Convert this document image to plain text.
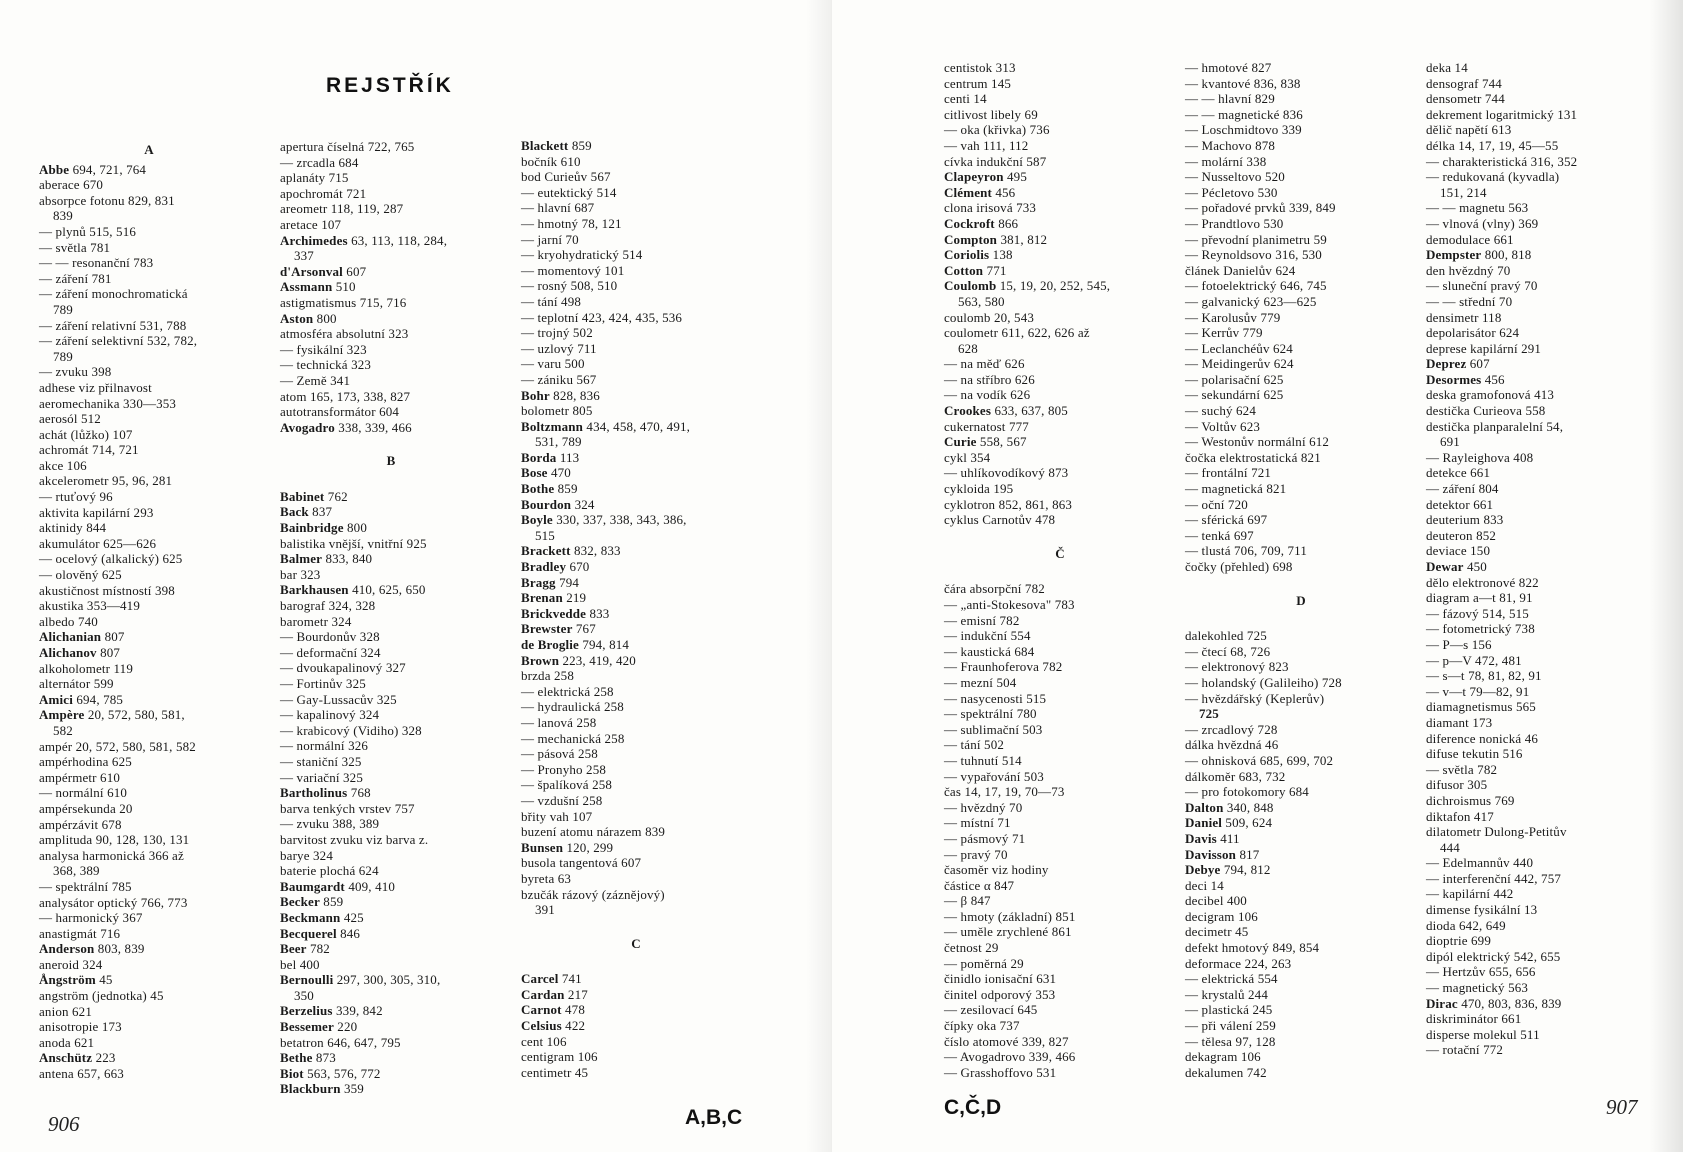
REJSTŘÍK
A
Abbe 694, 721, 764
aberace 670
absorpce fotonu 829, 831
839
— plynů 515, 516
— světla 781
— — resonanční 783
— záření 781
— záření monochromatická
789
— záření relativní 531, 788
— záření selektivní 532, 782,
789
— zvuku 398
adhese viz přilnavost
aeromechanika 330—353
aerosól 512
achát (lůžko) 107
achromát 714, 721
akce 106
akcelerometr 95, 96, 281
— rtuťový 96
aktivita kapilární 293
aktinidy 844
akumulátor 625—626
— ocelový (alkalický) 625
— olověný 625
akustičnost místností 398
akustika 353—419
albedo 740
Alichanian 807
Alichanov 807
alkoholometr 119
alternátor 599
Amici 694, 785
Ampère 20, 572, 580, 581,
582
ampér 20, 572, 580, 581, 582
ampérhodina 625
ampérmetr 610
— normální 610
ampérsekunda 20
ampérzávit 678
amplituda 90, 128, 130, 131
analysa harmonická 366 až
368, 389
— spektrální 785
analysátor optický 766, 773
— harmonický 367
anastigmát 716
Anderson 803, 839
aneroid 324
Ångström 45
angström (jednotka) 45
anion 621
anisotropie 173
anoda 621
Anschütz 223
antena 657, 663
apertura číselná 722, 765
— zrcadla 684
aplanáty 715
apochromát 721
areometr 118, 119, 287
aretace 107
Archimedes 63, 113, 118, 284,
337
d'Arsonval 607
Assmann 510
astigmatismus 715, 716
Aston 800
atmosféra absolutní 323
— fysikální 323
— technická 323
— Země 341
atom 165, 173, 338, 827
autotransformátor 604
Avogadro 338, 339, 466
B
Babinet 762
Back 837
Bainbridge 800
balistika vnější, vnitřní 925
Balmer 833, 840
bar 323
Barkhausen 410, 625, 650
barograf 324, 328
barometr 324
— Bourdonův 328
— deformační 324
— dvoukapalinový 327
— Fortinův 325
— Gay-Lussacův 325
— kapalinový 324
— krabicový (Vidiho) 328
— normální 326
— staniční 325
— variační 325
Bartholinus 768
barva tenkých vrstev 757
— zvuku 388, 389
barvitost zvuku viz barva z.
barye 324
baterie plochá 624
Baumgardt 409, 410
Becker 859
Beckmann 425
Becquerel 846
Beer 782
bel 400
Bernoulli 297, 300, 305, 310,
350
Berzelius 339, 842
Bessemer 220
betatron 646, 647, 795
Bethe 873
Biot 563, 576, 772
Blackburn 359
Blackett 859
bočník 610
bod Curieův 567
— eutektický 514
— hlavní 687
— hmotný 78, 121
— jarní 70
— kryohydratický 514
— momentový 101
— rosný 508, 510
— tání 498
— teplotní 423, 424, 435, 536
— trojný 502
— uzlový 711
— varu 500
— zániku 567
Bohr 828, 836
bolometr 805
Boltzmann 434, 458, 470, 491,
531, 789
Borda 113
Bose 470
Bothe 859
Bourdon 324
Boyle 330, 337, 338, 343, 386,
515
Brackett 832, 833
Bradley 670
Bragg 794
Brenan 219
Brickvedde 833
Brewster 767
de Broglie 794, 814
Brown 223, 419, 420
brzda 258
— elektrická 258
— hydraulická 258
— lanová 258
— mechanická 258
— pásová 258
— Pronyho 258
— špalíková 258
— vzdušní 258
břity vah 107
buzení atomu nárazem 839
Bunsen 120, 299
busola tangentová 607
byreta 63
bzučák rázový (záznějový)
391
C
Carcel 741
Cardan 217
Carnot 478
Celsius 422
cent 106
centigram 106
centimetr 45
906	A,B,C
centistok 313
centrum 145
centi 14
citlivost libely 69
— oka (křivka) 736
— vah 111, 112
cívka indukční 587
Clapeyron 495
Clément 456
clona irisová 733
Cockroft 866
Compton 381, 812
Coriolis 138
Cotton 771
Coulomb 15, 19, 20, 252, 545,
563, 580
coulomb 20, 543
coulometr 611, 622, 626 až
628
— na měď 626
— na stříbro 626
— na vodík 626
Crookes 633, 637, 805
cukernatost 777
Curie 558, 567
cykl 354
— uhlíkovodíkový 873
cykloida 195
cyklotron 852, 861, 863
cyklus Carnotův 478
Č
čára absorpční 782
— „anti-Stokesova" 783
— emisní 782
— indukční 554
— kaustická 684
— Fraunhoferova 782
— mezní 504
— nasycenosti 515
— spektrální 780
— sublimační 503
— tání 502
— tuhnutí 514
— vypařování 503
čas 14, 17, 19, 70—73
— hvězdný 70
— místní 71
— pásmový 71
— pravý 70
časoměr viz hodiny
částice α 847
— β 847
— hmoty (základní) 851
— uměle zrychlené 861
četnost 29
— poměrná 29
činidlo ionisační 631
činitel odporový 353
— zesilovací 645
čípky oka 737
číslo atomové 339, 827
— Avogadrovo 339, 466
— Grasshoffovo 531
— hmotové 827
— kvantové 836, 838
— — hlavní 829
— — magnetické 836
— Loschmidtovo 339
— Machovo 878
— molární 338
— Nusseltovo 520
— Pécletovo 530
— pořadové prvků 339, 849
— Prandtlovo 530
— převodní planimetru 59
— Reynoldsovo 316, 530
článek Danielův 624
— fotoelektrický 646, 745
— galvanický 623—625
— Karolusův 779
— Kerrův 779
— Leclanchéův 624
— Meidingerův 624
— polarisační 625
— sekundární 625
— suchý 624
— Voltův 623
— Westonův normální 612
čočka elektrostatická 821
— frontální 721
— magnetická 821
— oční 720
— sférická 697
— tenká 697
— tlustá 706, 709, 711
čočky (přehled) 698
D
dalekohled 725
— čtecí 68, 726
— elektronový 823
— holandský (Galileiho) 728
— hvězdářský (Keplerův)
725
— zrcadlový 728
dálka hvězdná 46
— ohnisková 685, 699, 702
dálkoměr 683, 732
— pro fotokomory 684
Dalton 340, 848
Daniel 509, 624
Davis 411
Davisson 817
Debye 794, 812
deci 14
decibel 400
decigram 106
decimetr 45
defekt hmotový 849, 854
deformace 224, 263
— elektrická 554
— krystalů 244
— plastická 245
— při válení 259
— tělesa 97, 128
dekagram 106
dekalumen 742
deka 14
densograf 744
densometr 744
dekrement logaritmický 131
dělič napětí 613
délka 14, 17, 19, 45—55
— charakteristická 316, 352
— redukovaná (kyvadla)
151, 214
— — magnetu 563
— vlnová (vlny) 369
demodulace 661
Dempster 800, 818
den hvězdný 70
— sluneční pravý 70
— — střední 70
densimetr 118
depolarisátor 624
deprese kapilární 291
Deprez 607
Desormes 456
deska gramofonová 413
destička Curieova 558
destička planparalelní 54,
691
— Rayleighova 408
detekce 661
— záření 804
detektor 661
deuterium 833
deuteron 852
deviace 150
Dewar 450
dělo elektronové 822
diagram a—t 81, 91
— fázový 514, 515
— fotometrický 738
— P—s 156
— p—V 472, 481
— s—t 78, 81, 82, 91
— v—t 79—82, 91
diamagnetismus 565
diamant 173
diference nonická 46
difuse tekutin 516
— světla 782
difusor 305
dichroismus 769
diktafon 417
dilatometr Dulong-Petitův
444
— Edelmannův 440
— interferenční 442, 757
— kapilární 442
dimense fysikální 13
dioda 642, 649
dioptrie 699
dipól elektrický 542, 655
— Hertzův 655, 656
— magnetický 563
Dirac 470, 803, 836, 839
diskriminátor 661
disperse molekul 511
— rotační 772
907
C,Č,D
